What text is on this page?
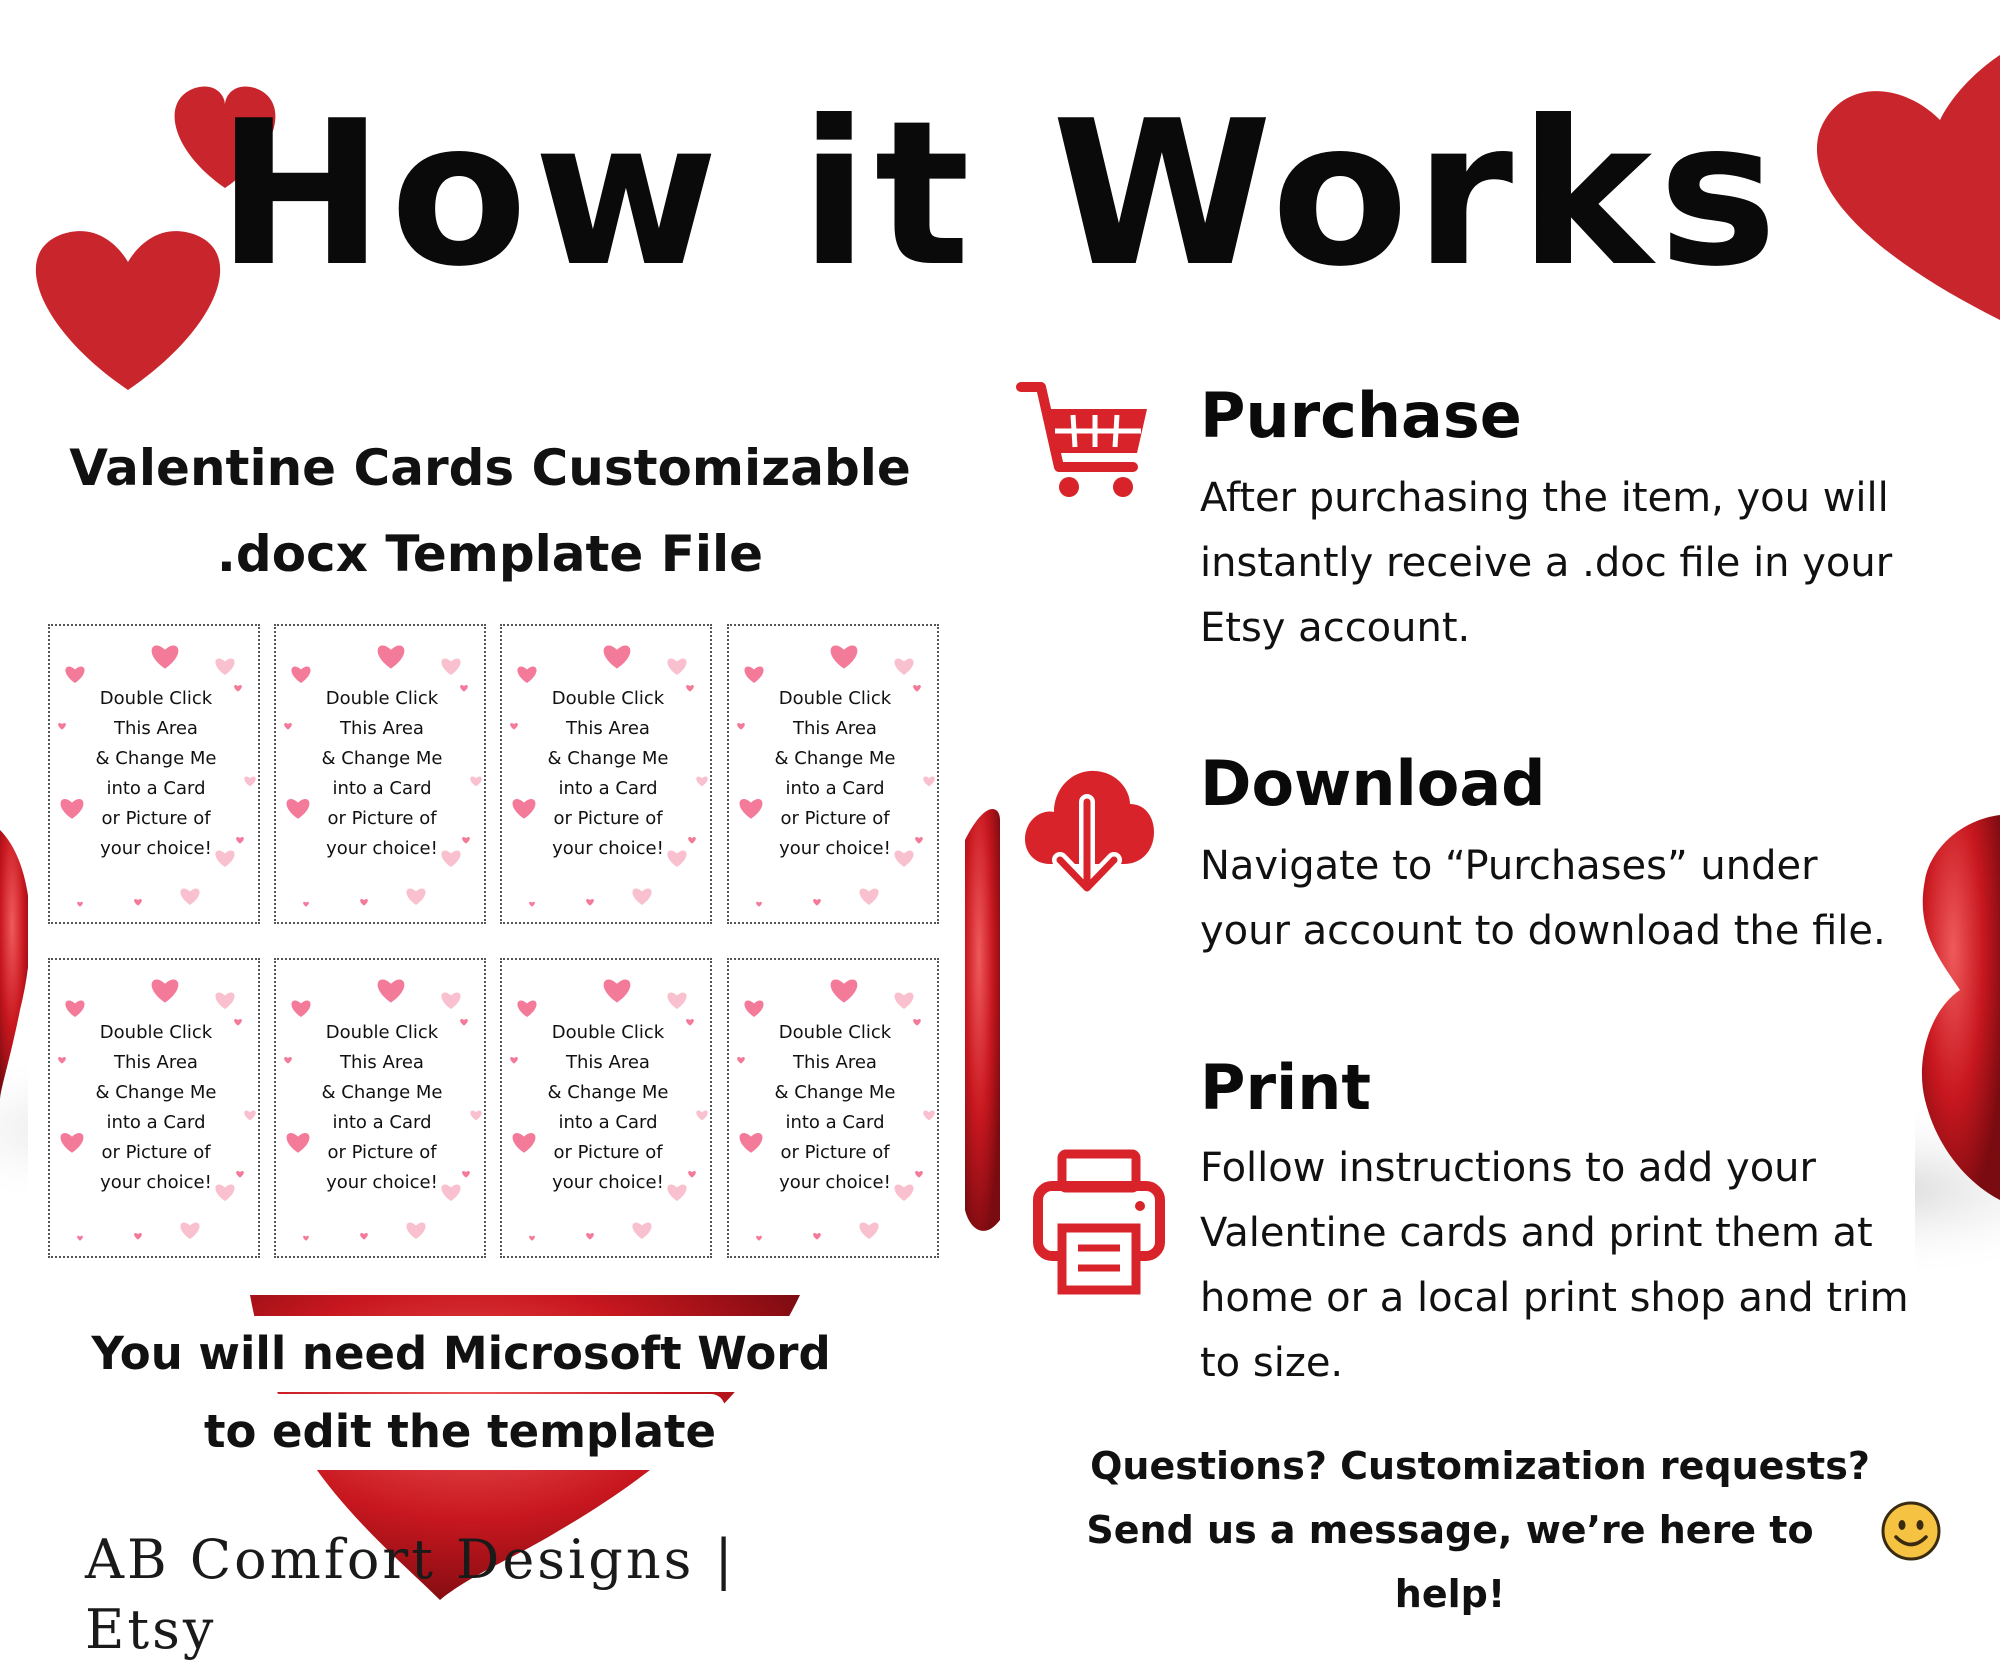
How it Works
Valentine Cards Customizable
.docx Template File
Double Click
This Area
& Change Me
into a Card
or Picture of
your choice!
Double Click
This Area
& Change Me
into a Card
or Picture of
your choice!
Double Click
This Area
& Change Me
into a Card
or Picture of
your choice!
Double Click
This Area
& Change Me
into a Card
or Picture of
your choice!
Double Click
This Area
& Change Me
into a Card
or Picture of
your choice!
Double Click
This Area
& Change Me
into a Card
or Picture of
your choice!
Double Click
This Area
& Change Me
into a Card
or Picture of
your choice!
Double Click
This Area
& Change Me
into a Card
or Picture of
your choice!
You will need Microsoft Word
to edit the template
AB Comfort Designs | Etsy
Purchase
After purchasing the item, you will instantly receive a .doc file in your Etsy account.
Download
Navigate to “Purchases” under your account to download the file.
Print
Follow instructions to add your Valentine cards and print them at home or a local print shop and trim to size.
Questions? Customization requests?
Send us a message, we’re here to help!
